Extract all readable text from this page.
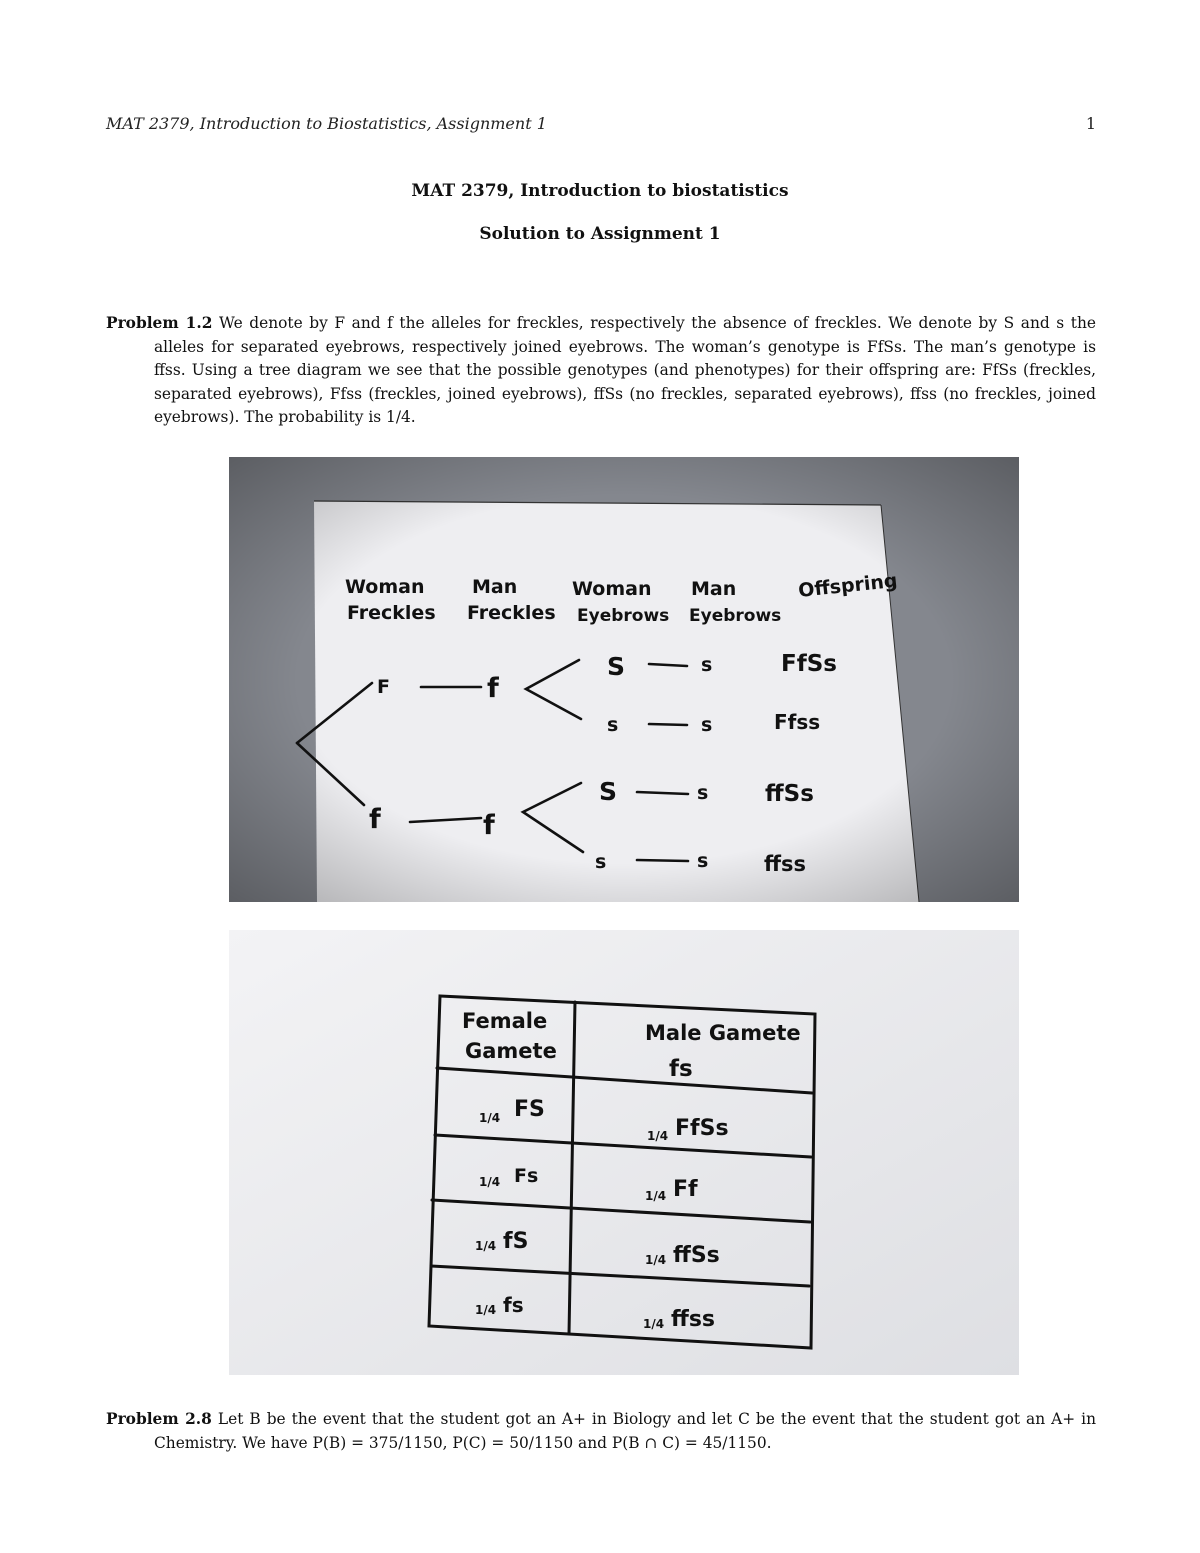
MAT 2379, Introduction to Biostatistics, Assignment 1	1
MAT 2379, Introduction to biostatistics
Solution to Assignment 1
Problem 1.2 We denote by F and f the alleles for freckles, respectively the absence of freckles. We denote by S and s the alleles for separated eyebrows, respectively joined eyebrows. The woman’s genotype is FfSs. The man’s genotype is ffss. Using a tree diagram we see that the possible genotypes (and phenotypes) for their offspring are: FfSs (freckles, separated eyebrows), Ffss (freckles, joined eyebrows), ffSs (no freckles, separated eyebrows), ffss (no freckles, joined eyebrows). The probability is 1/4.
Woman
Freckles
Man
Freckles
Woman
Eyebrows
Man
Eyebrows
Offspring
F
f
f
f
S
s
S
s
s
s
s
s
FfSs
Ffss
ffSs
ffss
Female
Gamete
Male Gamete
fs
1/4 FS
1/4 FfSs
1/4 Fs
1/4 Ff
1/4 fS
1/4 ffSs
1/4 fs
1/4 ffss
Problem 2.8 Let B be the event that the student got an A+ in Biology and let C be the event that the student got an A+ in Chemistry. We have P(B) = 375/1150, P(C) = 50/1150 and P(B ∩ C) = 45/1150.
